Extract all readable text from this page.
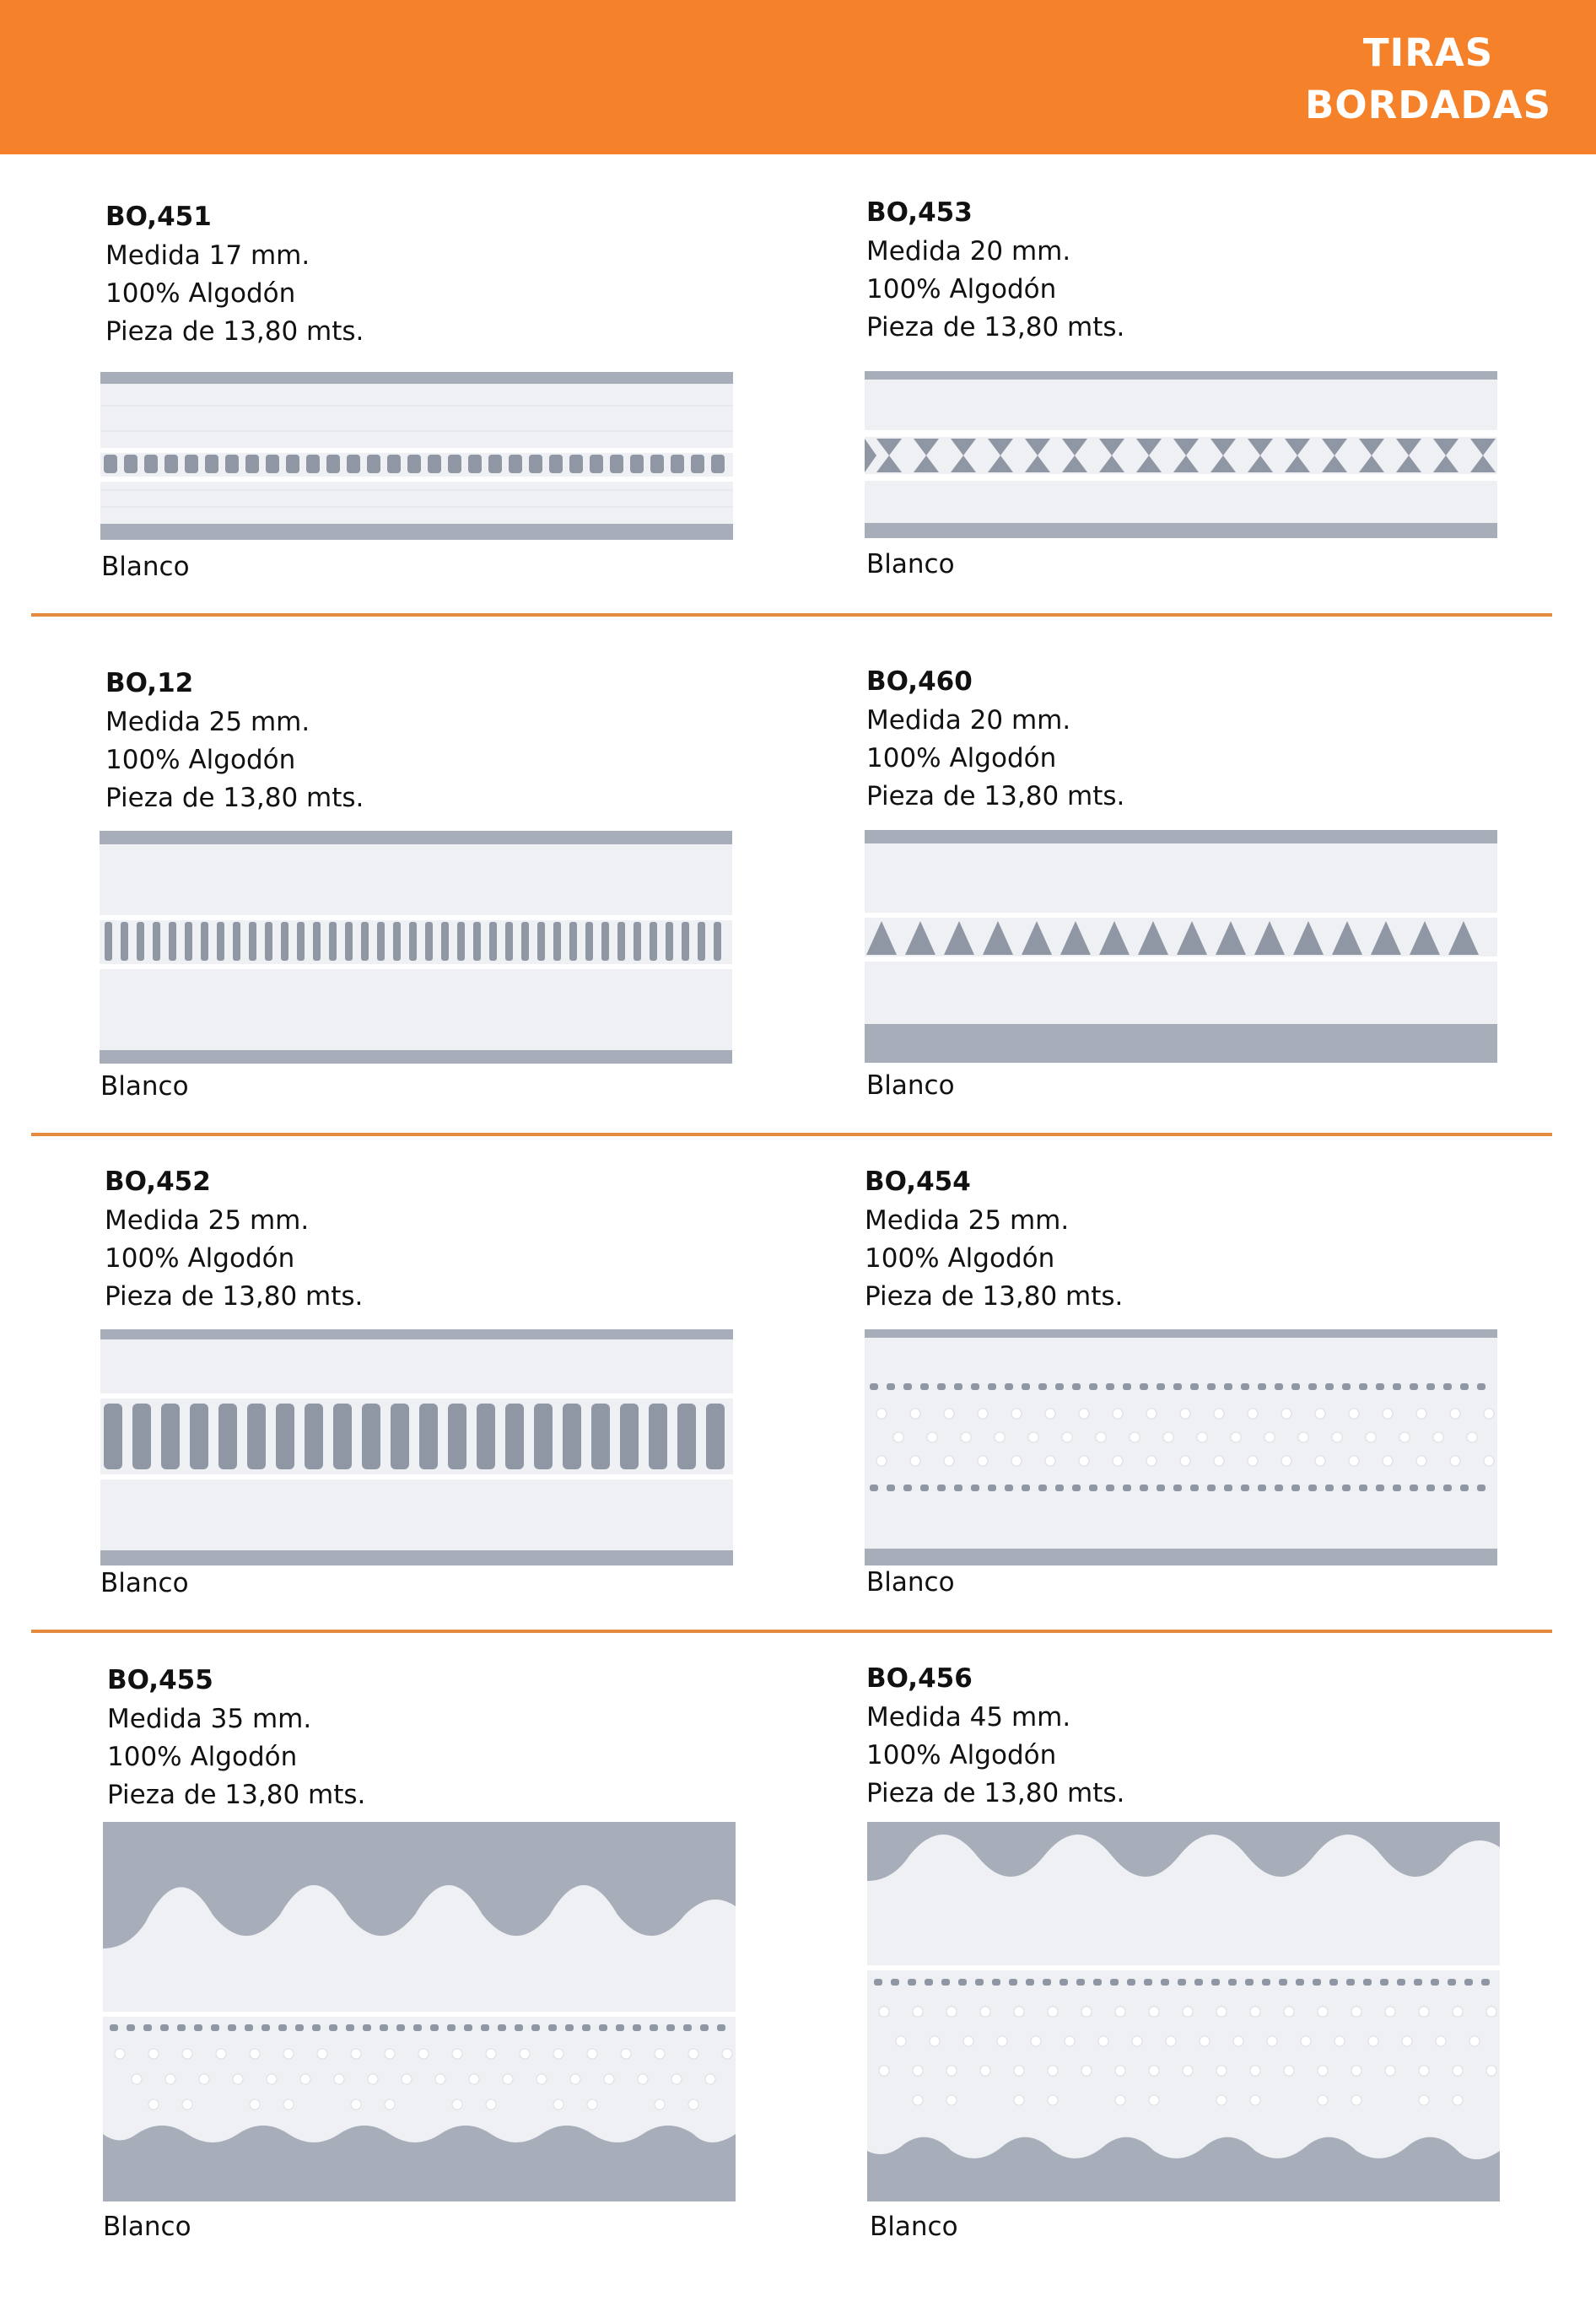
TIRAS
BORDADAS
BO,451
Medida 17 mm.
100% Algodón
Pieza de 13,80 mts.
Blanco
BO,453
Medida 20 mm.
100% Algodón
Pieza de 13,80 mts.
Blanco
BO,12
Medida 25 mm.
100% Algodón
Pieza de 13,80 mts.
Blanco
BO,460
Medida 20 mm.
100% Algodón
Pieza de 13,80 mts.
Blanco
BO,452
Medida 25 mm.
100% Algodón
Pieza de 13,80 mts.
Blanco
BO,454
Medida 25 mm.
100% Algodón
Pieza de 13,80 mts.
Blanco
BO,455
Medida 35 mm.
100% Algodón
Pieza de 13,80 mts.
Blanco
BO,456
Medida 45 mm.
100% Algodón
Pieza de 13,80 mts.
Blanco
